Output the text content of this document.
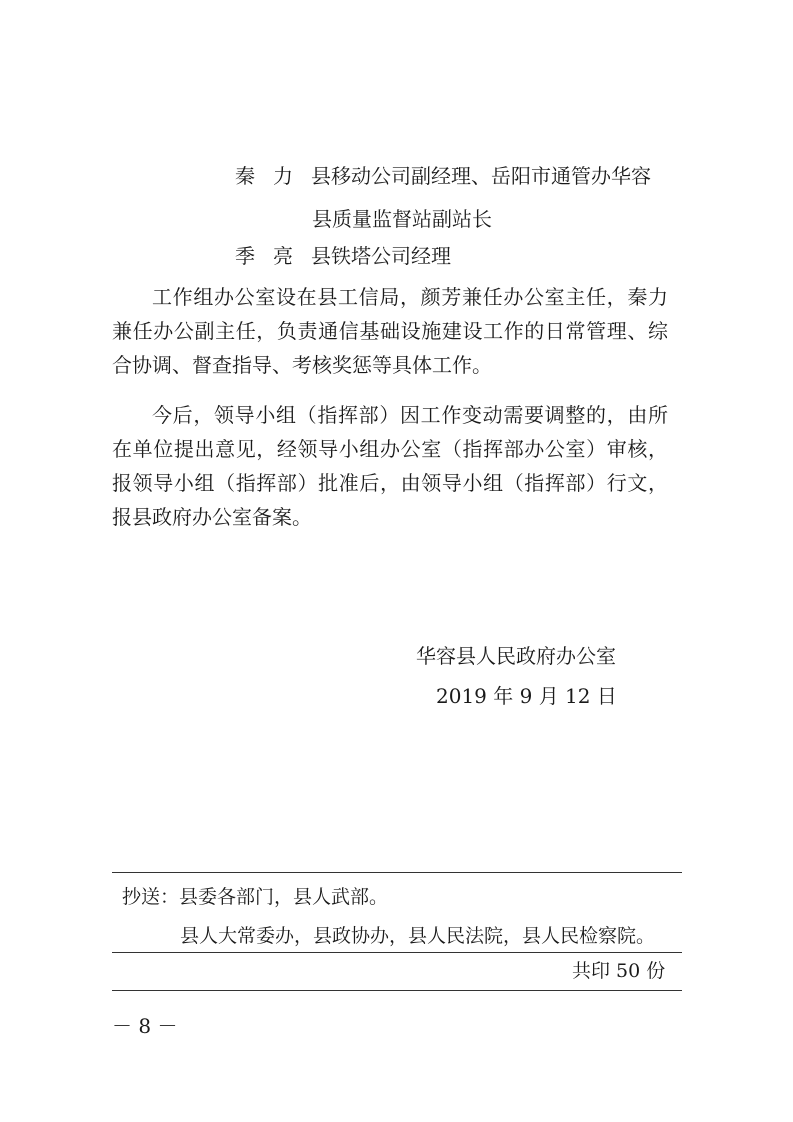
秦 力 县移动公司副经理、岳阳市通管办华容
县质量监督站副站长
季 亮 县铁塔公司经理
工作组办公室设在县工信局，颜芳兼任办公室主任，秦力兼任办公副主任，负责通信基础设施建设工作的日常管理、综合协调、督查指导、考核奖惩等具体工作。
今后，领导小组（指挥部）因工作变动需要调整的，由所在单位提出意见，经领导小组办公室（指挥部办公室）审核，报领导小组（指挥部）批准后，由领导小组（指挥部）行文，报县政府办公室备案。
华容县人民政府办公室
2019 年 9 月 12 日
抄送：县委各部门，县人武部。
县人大常委办，县政协办，县人民法院，县人民检察院。
共印 50 份
－ 8 －
